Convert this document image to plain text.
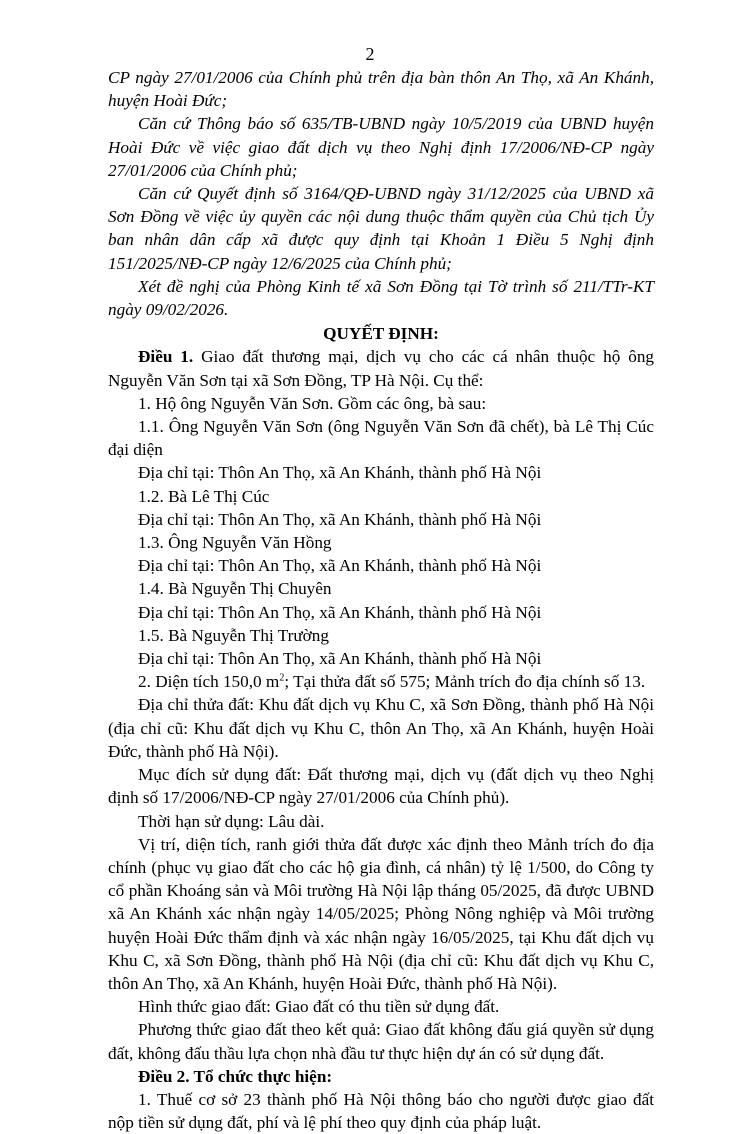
2

CP ngày 27/01/2006 của Chính phủ trên địa bàn thôn An Thọ, xã An Khánh, huyện Hoài Đức;

Căn cứ Thông báo số 635/TB-UBND ngày 10/5/2019 của UBND huyện Hoài Đức về việc giao đất dịch vụ theo Nghị định 17/2006/NĐ-CP ngày 27/01/2006 của Chính phủ;

Căn cứ Quyết định số 3164/QĐ-UBND ngày 31/12/2025 của UBND xã Sơn Đồng về việc ủy quyền các nội dung thuộc thẩm quyền của Chủ tịch Ủy ban nhân dân cấp xã được quy định tại Khoản 1 Điều 5 Nghị định 151/2025/NĐ-CP ngày 12/6/2025 của Chính phủ;

Xét đề nghị của Phòng Kinh tế xã Sơn Đồng tại Tờ trình số 211/TTr-KT ngày 09/02/2026.

QUYẾT ĐỊNH:

Điều 1. Giao đất thương mại, dịch vụ cho các cá nhân thuộc hộ ông Nguyễn Văn Sơn tại xã Sơn Đồng, TP Hà Nội. Cụ thể:

1. Hộ ông Nguyễn Văn Sơn. Gồm các ông, bà sau:

1.1. Ông Nguyễn Văn Sơn (ông Nguyễn Văn Sơn đã chết), bà Lê Thị Cúc đại diện

Địa chỉ tại: Thôn An Thọ, xã An Khánh, thành phố Hà Nội

1.2. Bà Lê Thị Cúc

Địa chỉ tại: Thôn An Thọ, xã An Khánh, thành phố Hà Nội

1.3. Ông Nguyễn Văn Hồng

Địa chỉ tại: Thôn An Thọ, xã An Khánh, thành phố Hà Nội

1.4. Bà Nguyễn Thị Chuyên

Địa chỉ tại: Thôn An Thọ, xã An Khánh, thành phố Hà Nội

1.5. Bà Nguyễn Thị Trường

Địa chỉ tại: Thôn An Thọ, xã An Khánh, thành phố Hà Nội

2. Diện tích 150,0 $m^2$; Tại thửa đất số 575; Mảnh trích đo địa chính số 13.

Địa chỉ thửa đất: Khu đất dịch vụ Khu C, xã Sơn Đồng, thành phố Hà Nội (địa chỉ cũ: Khu đất dịch vụ Khu C, thôn An Thọ, xã An Khánh, huyện Hoài Đức, thành phố Hà Nội).

Mục đích sử dụng đất: Đất thương mại, dịch vụ (đất dịch vụ theo Nghị định số 17/2006/NĐ-CP ngày 27/01/2006 của Chính phủ).

Thời hạn sử dụng: Lâu dài.

Vị trí, diện tích, ranh giới thửa đất được xác định theo Mảnh trích đo địa chính (phục vụ giao đất cho các hộ gia đình, cá nhân) tỷ lệ 1/500, do Công ty cổ phần Khoáng sản và Môi trường Hà Nội lập tháng 05/2025, đã được UBND xã An Khánh xác nhận ngày 14/05/2025; Phòng Nông nghiệp và Môi trường huyện Hoài Đức thẩm định và xác nhận ngày 16/05/2025, tại Khu đất dịch vụ Khu C, xã Sơn Đồng, thành phố Hà Nội (địa chỉ cũ: Khu đất dịch vụ Khu C, thôn An Thọ, xã An Khánh, huyện Hoài Đức, thành phố Hà Nội).

Hình thức giao đất: Giao đất có thu tiền sử dụng đất.

Phương thức giao đất theo kết quả: Giao đất không đấu giá quyền sử dụng đất, không đấu thầu lựa chọn nhà đầu tư thực hiện dự án có sử dụng đất.

Điều 2. Tổ chức thực hiện:

1. Thuế cơ sở 23 thành phố Hà Nội thông báo cho người được giao đất nộp tiền sử dụng đất, phí và lệ phí theo quy định của pháp luật.
